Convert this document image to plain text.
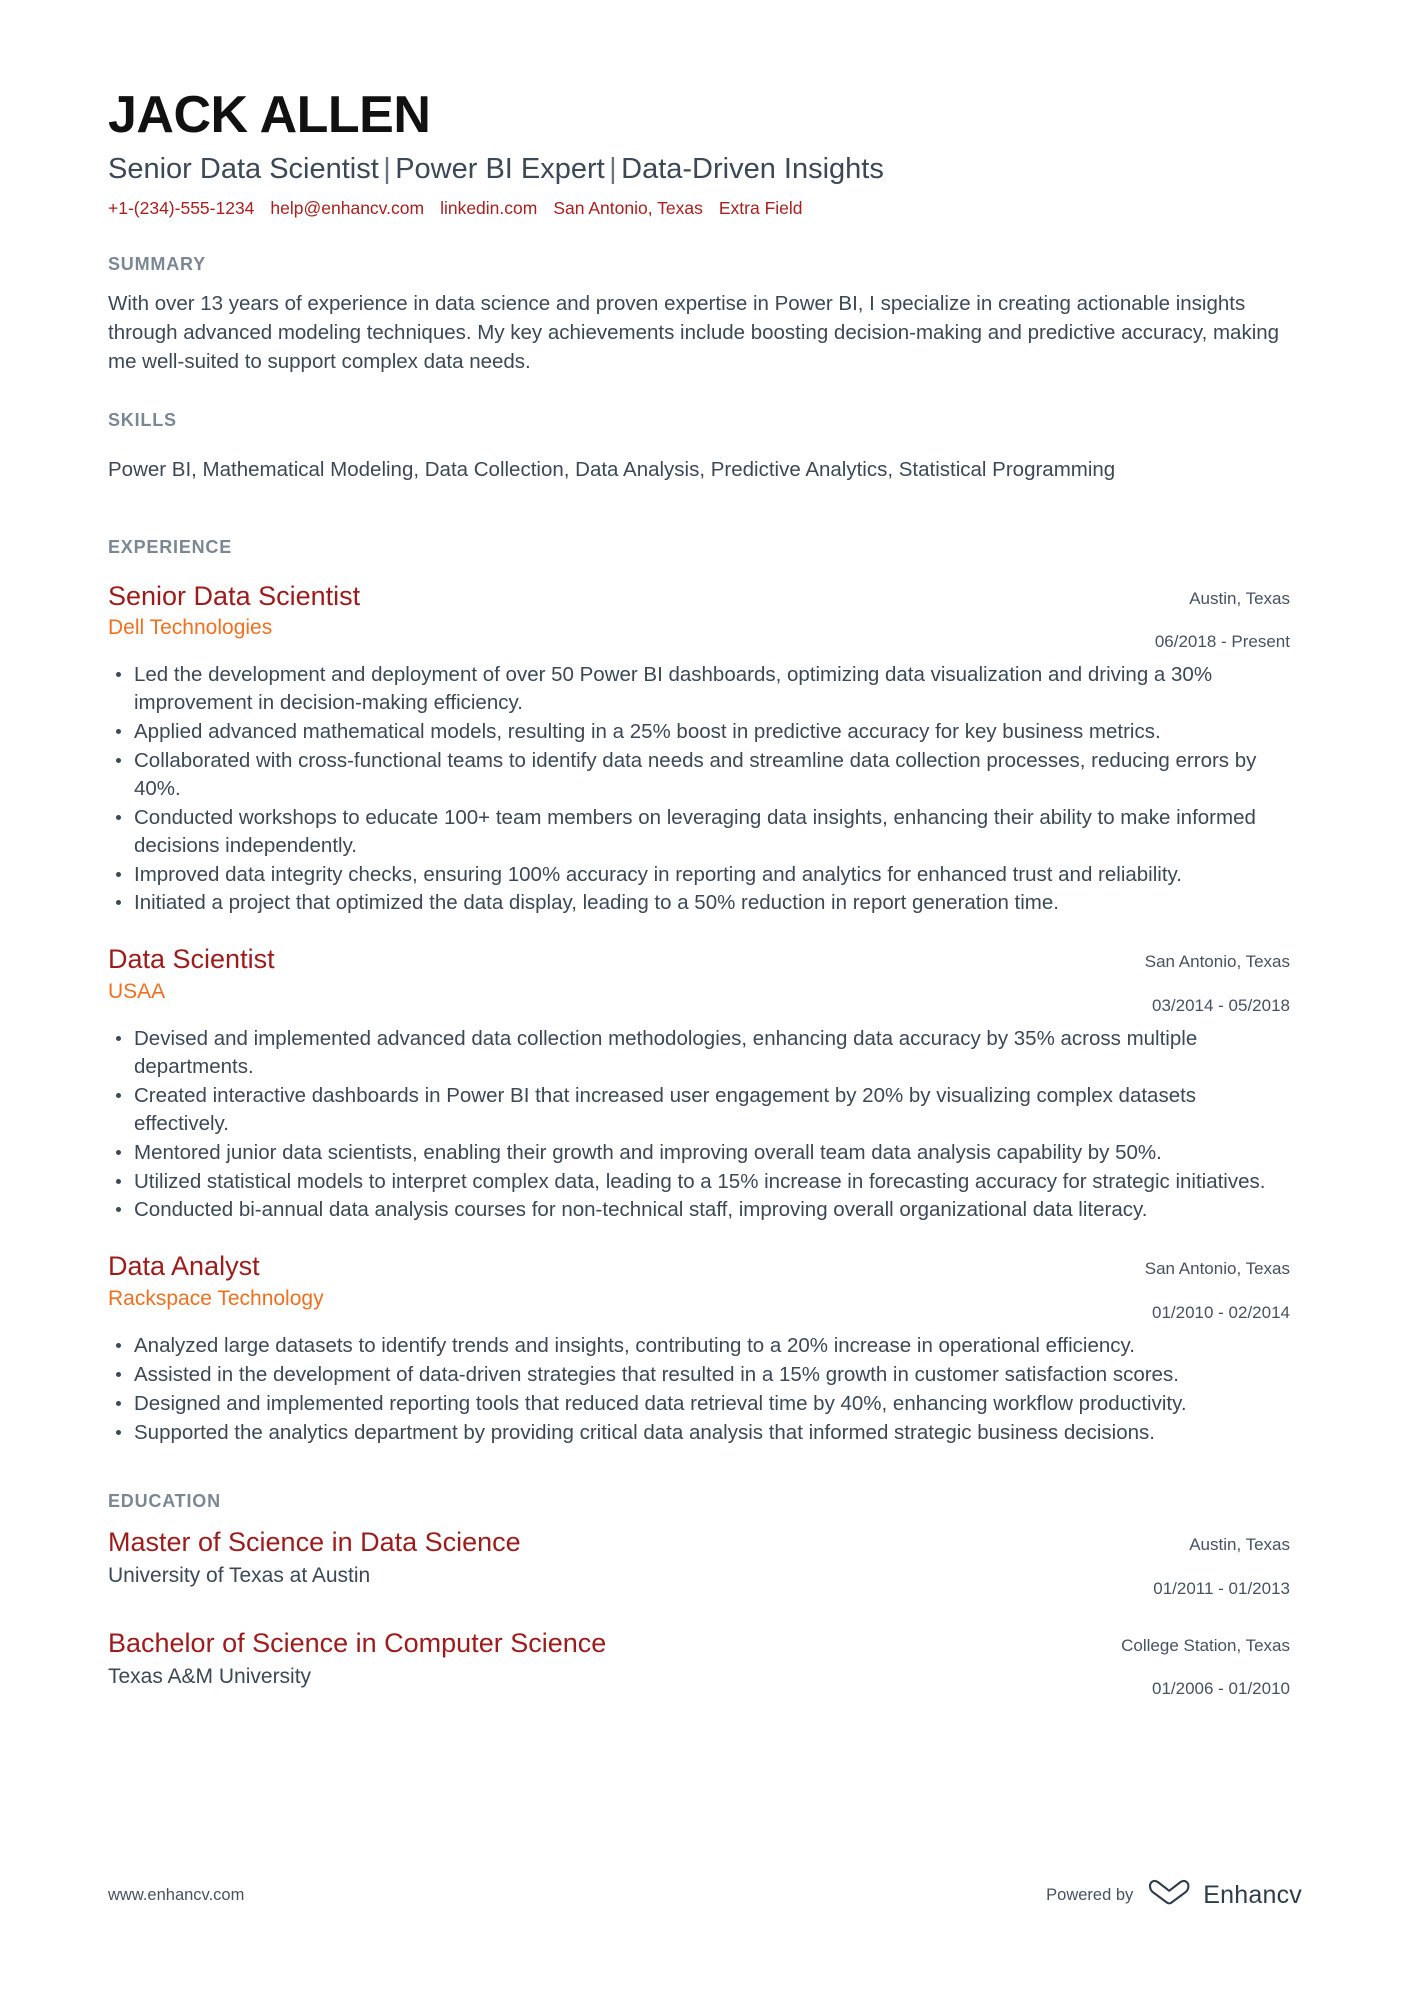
JACK ALLEN
Senior Data Scientist | Power BI Expert | Data-Driven Insights
+1-(234)-555-1234 help@enhancv.com linkedin.com San Antonio, Texas Extra Field
SUMMARY

With over 13 years of experience in data science and proven expertise in Power BI, I specialize in creating actionable insights through advanced modeling techniques. My key achievements include boosting decision-making and predictive accuracy, making me well-suited to support complex data needs.

SKILLS

Power BI, Mathematical Modeling, Data Collection, Data Analysis, Predictive Analytics, Statistical Programming

EXPERIENCE
Senior Data Scientist
Dell Technologies
Austin, Texas
06/2018 - Present
Led the development and deployment of over 50 Power BI dashboards, optimizing data visualization and driving a 30% improvement in decision-making efficiency.
Applied advanced mathematical models, resulting in a 25% boost in predictive accuracy for key business metrics.
Collaborated with cross-functional teams to identify data needs and streamline data collection processes, reducing errors by 40%.
Conducted workshops to educate 100+ team members on leveraging data insights, enhancing their ability to make informed decisions independently.
Improved data integrity checks, ensuring 100% accuracy in reporting and analytics for enhanced trust and reliability.
Initiated a project that optimized the data display, leading to a 50% reduction in report generation time.
Data Scientist
USAA
San Antonio, Texas
03/2014 - 05/2018
Devised and implemented advanced data collection methodologies, enhancing data accuracy by 35% across multiple departments.
Created interactive dashboards in Power BI that increased user engagement by 20% by visualizing complex datasets effectively.
Mentored junior data scientists, enabling their growth and improving overall team data analysis capability by 50%.
Utilized statistical models to interpret complex data, leading to a 15% increase in forecasting accuracy for strategic initiatives.
Conducted bi-annual data analysis courses for non-technical staff, improving overall organizational data literacy.
Data Analyst
Rackspace Technology
San Antonio, Texas
01/2010 - 02/2014
Analyzed large datasets to identify trends and insights, contributing to a 20% increase in operational efficiency.
Assisted in the development of data-driven strategies that resulted in a 15% growth in customer satisfaction scores.
Designed and implemented reporting tools that reduced data retrieval time by 40%, enhancing workflow productivity.
Supported the analytics department by providing critical data analysis that informed strategic business decisions.
EDUCATION
Master of Science in Data Science
University of Texas at Austin
Austin, Texas
01/2011 - 01/2013
Bachelor of Science in Computer Science
Texas A&M University
College Station, Texas
01/2006 - 01/2010
www.enhancv.com	Powered by	Enhancv
